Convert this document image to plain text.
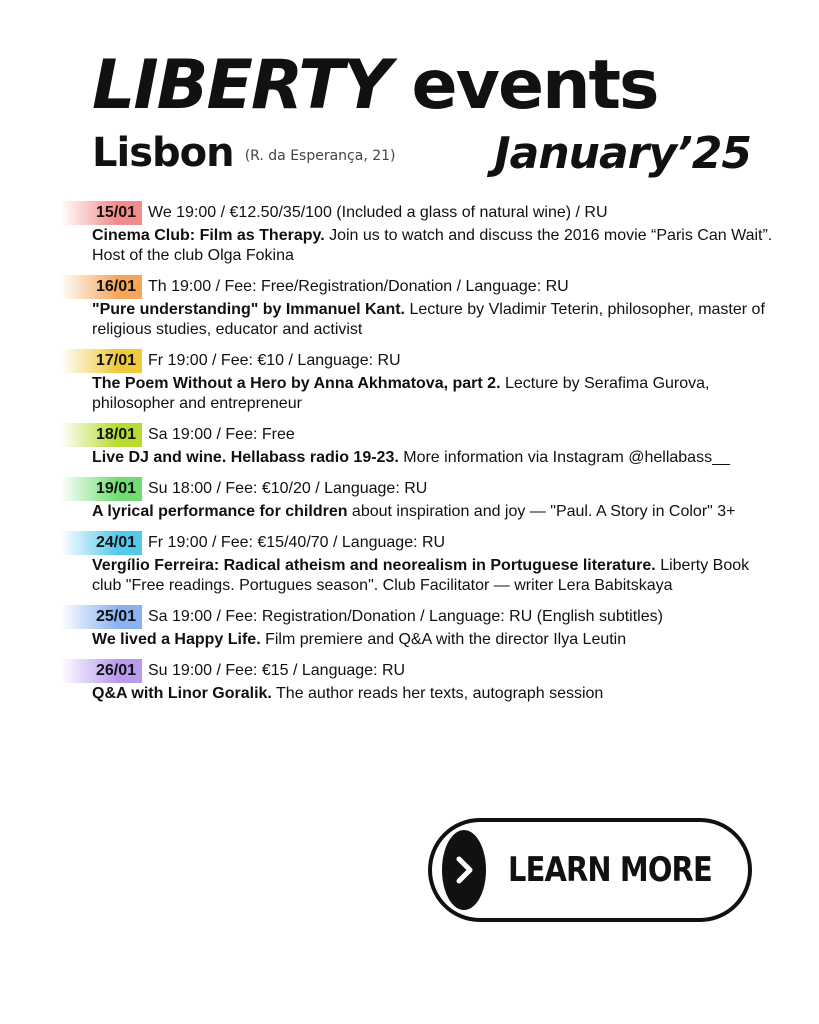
LIBERTY events
Lisbon (R. da Esperança, 21) January’25
15/01 We 19:00 / €12.50/35/100 (Included a glass of natural wine) / RU
Cinema Club: Film as Therapy. Join us to watch and discuss the 2016 movie “Paris Can Wait”. Host of the club Olga Fokina
16/01 Th 19:00 / Fee: Free/Registration/Donation / Language: RU
"Pure understanding" by Immanuel Kant. Lecture by Vladimir Teterin, philosopher, master of religious studies, educator and activist
17/01 Fr 19:00 / Fee: €10 / Language: RU
The Poem Without a Hero by Anna Akhmatova, part 2. Lecture by Serafima Gurova, philosopher and entrepreneur
18/01 Sa 19:00 / Fee: Free
Live DJ and wine. Hellabass radio 19-23. More information via Instagram @hellabass__
19/01 Su 18:00 / Fee: €10/20 / Language: RU
A lyrical performance for children about inspiration and joy — "Paul. A Story in Color" 3+
24/01 Fr 19:00 / Fee: €15/40/70 / Language: RU
Vergílio Ferreira: Radical atheism and neorealism in Portuguese literature. Liberty Book club "Free readings. Portugues season". Club Facilitator — writer Lera Babitskaya
25/01 Sa 19:00 / Fee: Registration/Donation / Language: RU (English subtitles)
We lived a Happy Life. Film premiere and Q&A with the director Ilya Leutin
26/01 Su 19:00 / Fee: €15 / Language: RU
Q&A with Linor Goralik. The author reads her texts, autograph session
LEARN MORE
